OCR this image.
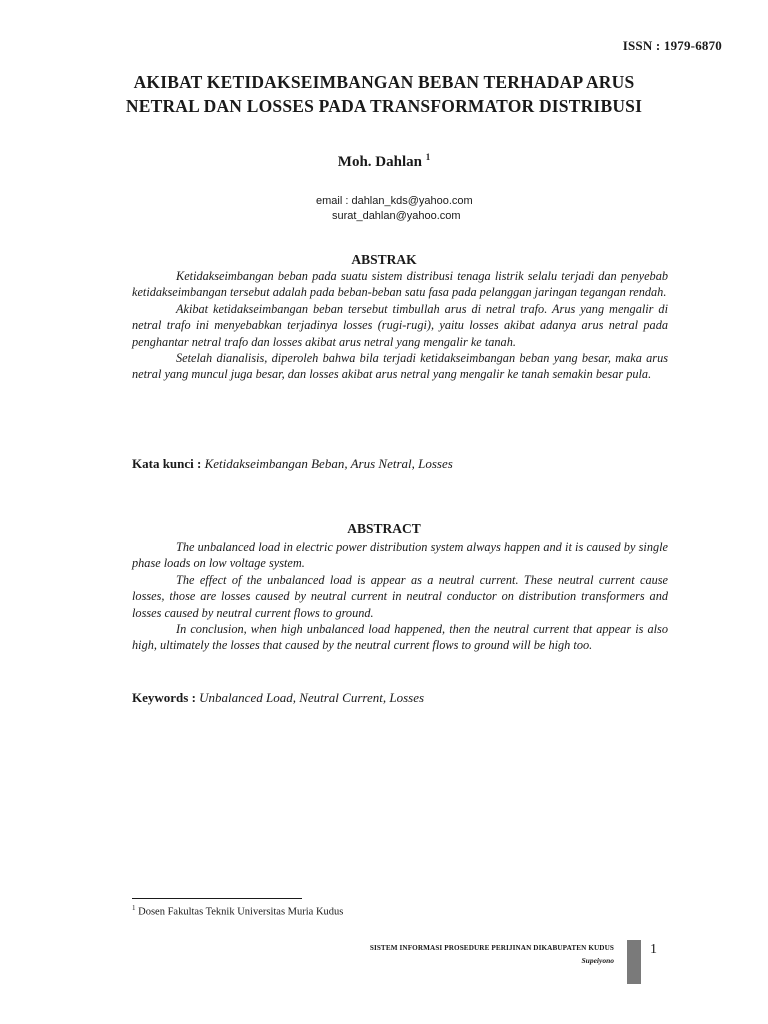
ISSN : 1979-6870
AKIBAT KETIDAKSEIMBANGAN BEBAN TERHADAP ARUS NETRAL DAN LOSSES PADA TRANSFORMATOR DISTRIBUSI
Moh. Dahlan $^1$
email : dahlan_kds@yahoo.com
surat_dahlan@yahoo.com
ABSTRAK

Ketidakseimbangan beban pada suatu sistem distribusi tenaga listrik selalu terjadi dan penyebab ketidakseimbangan tersebut adalah pada beban-beban satu fasa pada pelanggan jaringan tegangan rendah.

Akibat ketidakseimbangan beban tersebut timbullah arus di netral trafo. Arus yang mengalir di netral trafo ini menyebabkan terjadinya losses (rugi-rugi), yaitu losses akibat adanya arus netral pada penghantar netral trafo dan losses akibat arus netral yang mengalir ke tanah.

Setelah dianalisis, diperoleh bahwa bila terjadi ketidakseimbangan beban yang besar, maka arus netral yang muncul juga besar, dan losses akibat arus netral yang mengalir ke tanah semakin besar pula.

Kata kunci : Ketidakseimbangan Beban, Arus Netral, Losses
ABSTRACT

The unbalanced load in electric power distribution system always happen and it is caused by single phase loads on low voltage system.

The effect of the unbalanced load is appear as a neutral current. These neutral current cause losses, those are losses caused by neutral current in neutral conductor on distribution transformers and losses caused by neutral current flows to ground.

In conclusion, when high unbalanced load happened, then the neutral current that appear is also high, ultimately the losses that caused by the neutral current flows to ground will be high too.

Keywords : Unbalanced Load, Neutral Current, Losses
$^1$ Dosen Fakultas Teknik Universitas Muria Kudus
SISTEM INFORMASI PROSEDURE PERIJINAN DIKABUPATEN KUDUS
Supeiyono
1
